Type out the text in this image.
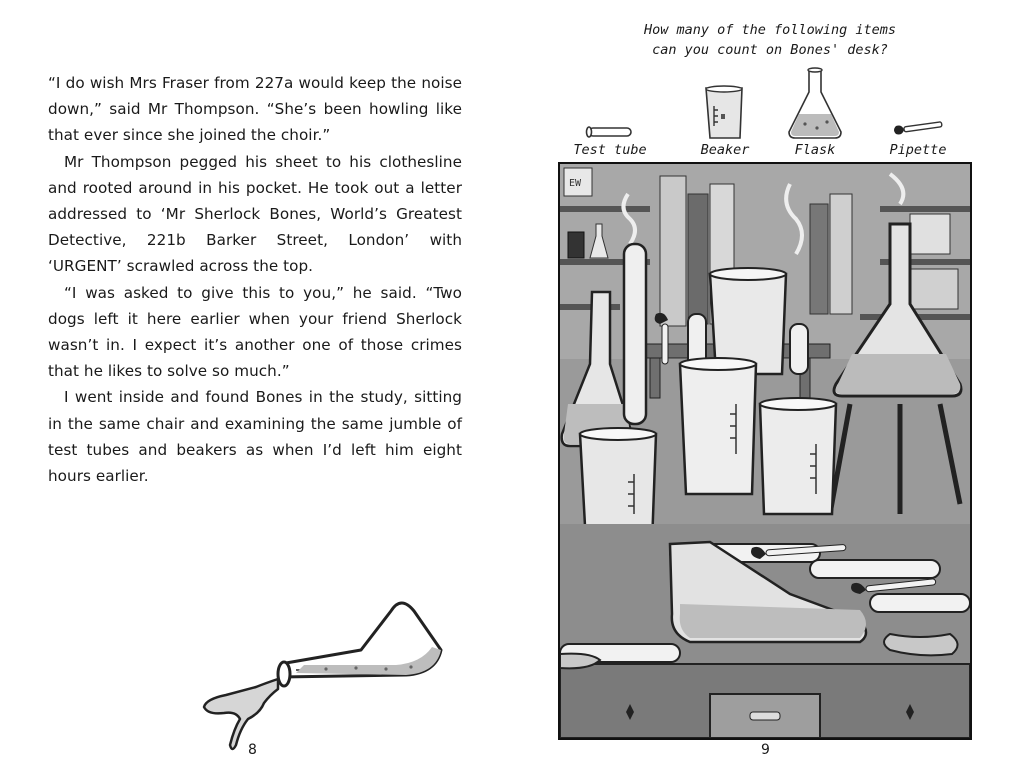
“I do wish Mrs Fraser from 227a would keep the noise down,” said Mr Thompson. “She’s been howling like that ever since she joined the choir.”

Mr Thompson pegged his sheet to his clothesline and rooted around in his pocket. He took out a letter addressed to ‘Mr Sherlock Bones, World’s Greatest Detective, 221b Barker Street, London’ with ‘URGENT’ scrawled across the top.

“I was asked to give this to you,” he said. “Two dogs left it here earlier when your friend Sherlock wasn’t in. I expect it’s another one of those crimes that he likes to solve so much.”

I went inside and found Bones in the study, sitting in the same chair and examining the same jumble of test tubes and beakers as when I’d left him eight hours earlier.

8
How many of the following items
can you count on Bones' desk?
Test tube	Beaker	Flask	Pipette
EW
9
